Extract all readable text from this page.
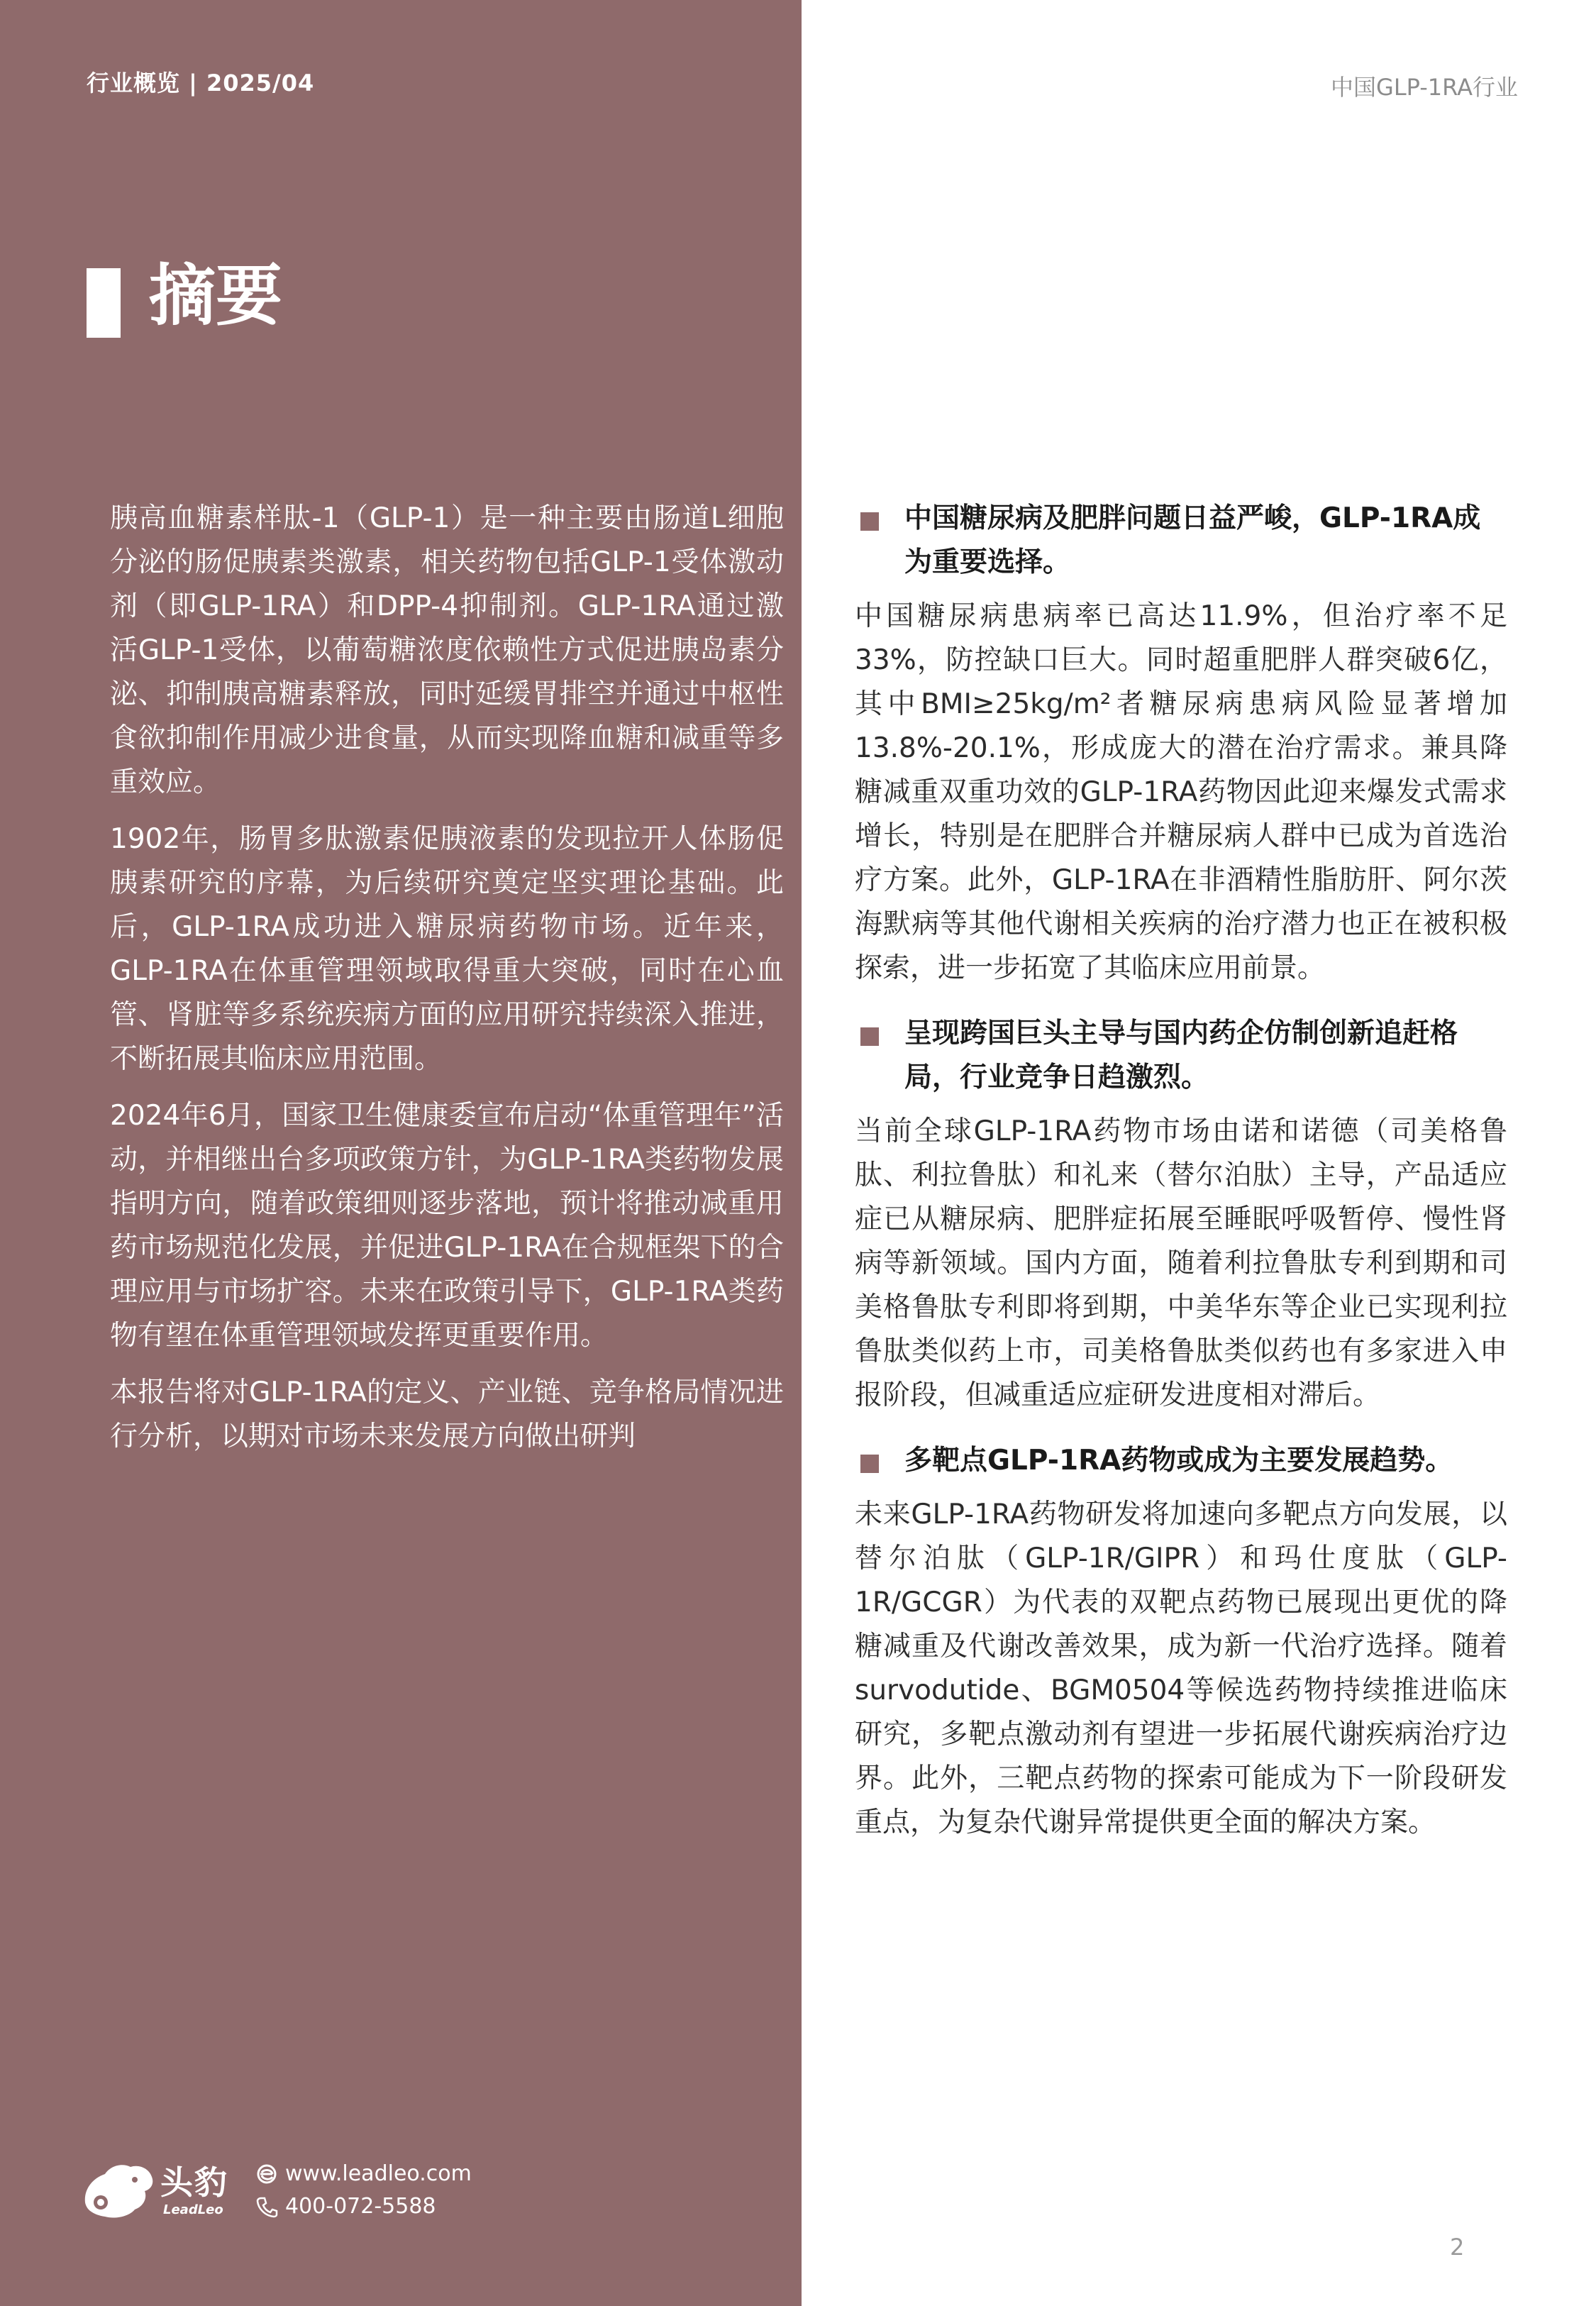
行业概览 | 2025/04	中国GLP-1RA行业
摘要

胰高血糖素样肽-1（GLP-1）是一种主要由肠道L细胞分泌的肠促胰素类激素，相关药物包括GLP-1受体激动剂（即GLP-1RA）和DPP-4抑制剂。GLP-1RA通过激活GLP-1受体，以葡萄糖浓度依赖性方式促进胰岛素分泌、抑制胰高糖素释放，同时延缓胃排空并通过中枢性食欲抑制作用减少进食量，从而实现降血糖和减重等多重效应。

1902年，肠胃多肽激素促胰液素的发现拉开人体肠促胰素研究的序幕，为后续研究奠定坚实理论基础。此后，GLP-1RA成功进入糖尿病药物市场。近年来，GLP-1RA在体重管理领域取得重大突破，同时在心血管、肾脏等多系统疾病方面的应用研究持续深入推进，不断拓展其临床应用范围。

2024年6月，国家卫生健康委宣布启动“体重管理年”活动，并相继出台多项政策方针，为GLP-1RA类药物发展指明方向，随着政策细则逐步落地，预计将推动减重用药市场规范化发展，并促进GLP-1RA在合规框架下的合理应用与市场扩容。未来在政策引导下，GLP-1RA类药物有望在体重管理领域发挥更重要作用。

本报告将对GLP-1RA的定义、产业链、竞争格局情况进行分析，以期对市场未来发展方向做出研判

中国糖尿病及肥胖问题日益严峻，GLP-1RA成为重要选择。

中国糖尿病患病率已高达11.9%，但治疗率不足33%，防控缺口巨大。同时超重肥胖人群突破6亿，其中BMI≥25kg/m²者糖尿病患病风险显著增加13.8%-20.1%，形成庞大的潜在治疗需求。兼具降糖减重双重功效的GLP-1RA药物因此迎来爆发式需求增长，特别是在肥胖合并糖尿病人群中已成为首选治疗方案。此外，GLP-1RA在非酒精性脂肪肝、阿尔茨海默病等其他代谢相关疾病的治疗潜力也正在被积极探索，进一步拓宽了其临床应用前景。

呈现跨国巨头主导与国内药企仿制创新追赶格局，行业竞争日趋激烈。

当前全球GLP-1RA药物市场由诺和诺德（司美格鲁肽、利拉鲁肽）和礼来（替尔泊肽）主导，产品适应症已从糖尿病、肥胖症拓展至睡眠呼吸暂停、慢性肾病等新领域。国内方面，随着利拉鲁肽专利到期和司美格鲁肽专利即将到期，中美华东等企业已实现利拉鲁肽类似药上市，司美格鲁肽类似药也有多家进入申报阶段，但减重适应症研发进度相对滞后。

多靶点GLP-1RA药物或成为主要发展趋势。

未来GLP-1RA药物研发将加速向多靶点方向发展，以替尔泊肽（GLP-1R/GIPR）和玛仕度肽（GLP-1R/GCGR）为代表的双靶点药物已展现出更优的降糖减重及代谢改善效果，成为新一代治疗选择。随着survodutide、BGM0504等候选药物持续推进临床研究，多靶点激动剂有望进一步拓展代谢疾病治疗边界。此外，三靶点药物的探索可能成为下一阶段研发重点，为复杂代谢异常提供更全面的解决方案。

头豹
LeadLeo
www.leadleo.com
400-072-5588
2
